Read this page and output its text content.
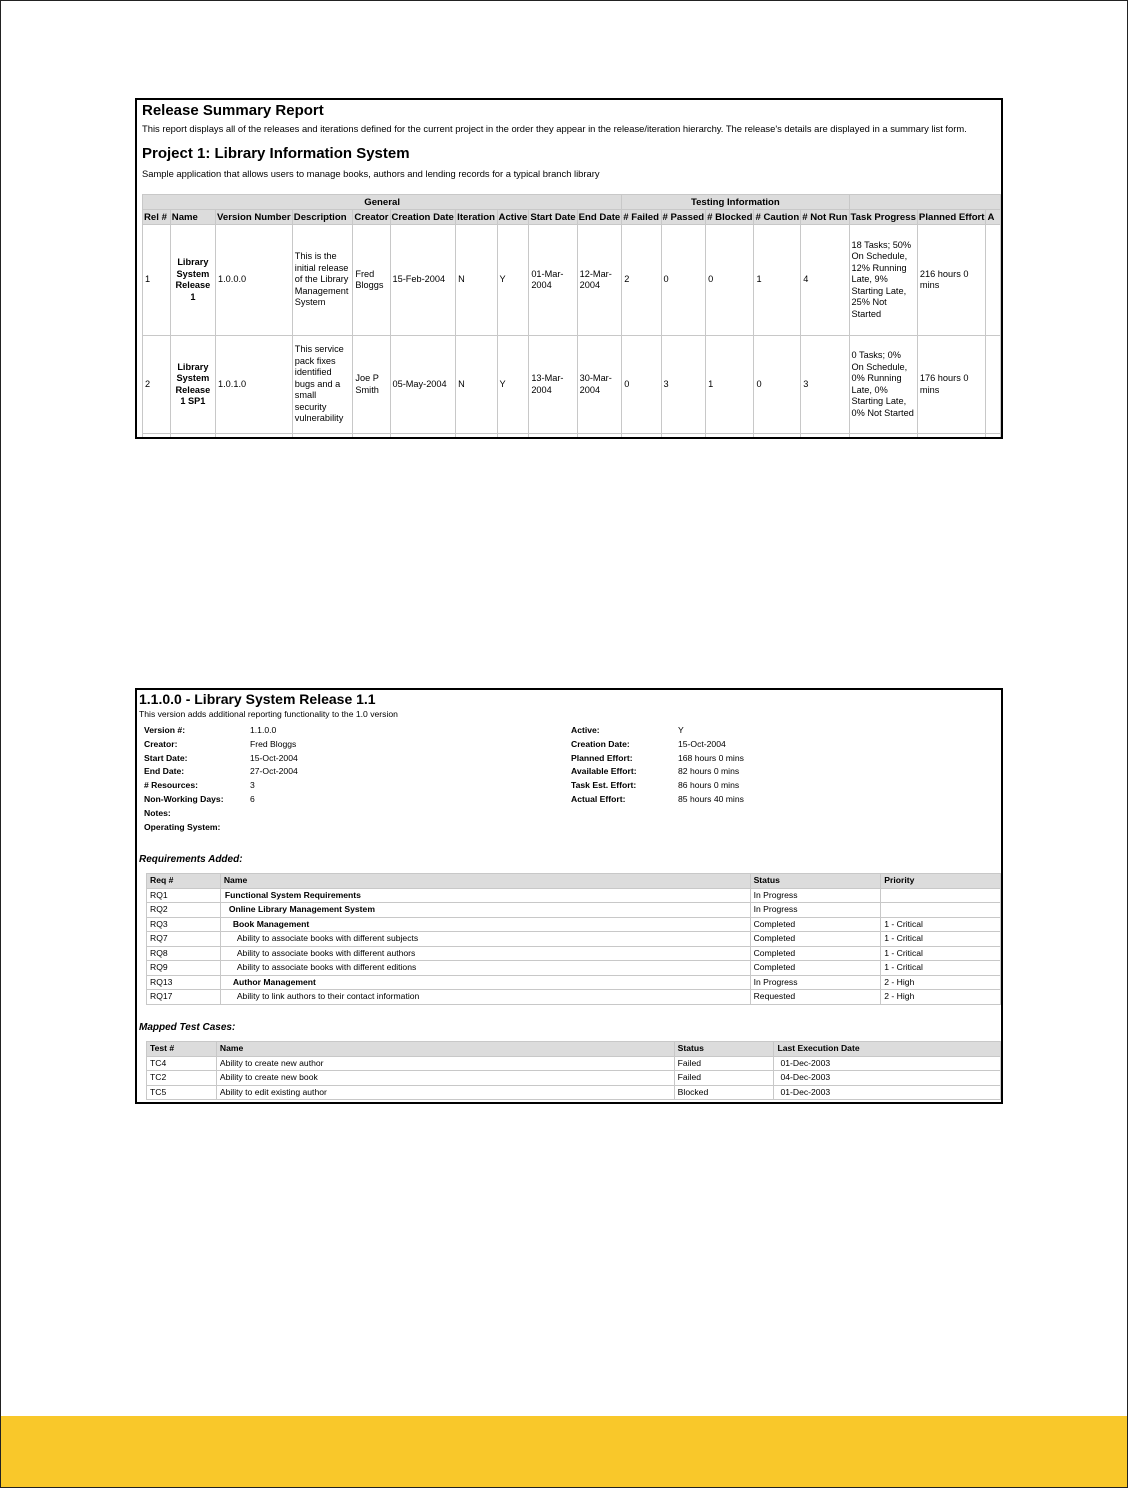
Release Summary Report
This report displays all of the releases and iterations defined for the current project in the order they appear in the release/iteration hierarchy. The release's details are displayed in a summary list form.
Project 1: Library Information System
Sample application that allows users to manage books, authors and lending records for a typical branch library
General										Testing Information							
Rel #	Name	Version Number	Description	Creator	Creation Date	Iteration	Active	Start Date	End Date	# Failed	# Passed	# Blocked	# Caution	# Not Run	Task Progress	Planned Effort	A
1	Library System Release 1	1.0.0.0	This is the initial release of the Library Management System	Fred Bloggs	15-Feb-2004	N	Y	01-Mar-2004	12-Mar-2004	2	0	0	1	4	18 Tasks; 50% On Schedule, 12% Running Late, 9% Starting Late, 25% Not Started	216 hours 0 mins	
2	Library System Release 1 SP1	1.0.1.0	This service pack fixes identified bugs and a small security vulnerability	Joe P Smith	05-May-2004	N	Y	13-Mar-2004	30-Mar-2004	0	3	1	0	3	0 Tasks; 0% On Schedule, 0% Running Late, 0% Starting Late, 0% Not Started	176 hours 0 mins	

1.1.0.0 - Library System Release 1.1
This version adds additional reporting functionality to the 1.0 version
Version #:	1.1.0.0
Creator:	Fred Bloggs
Start Date:	15-Oct-2004
End Date:	27-Oct-2004
# Resources:	3
Non-Working Days:	6
Notes:
Operating System:
Active:	Y
Creation Date:	15-Oct-2004
Planned Effort:	168 hours 0 mins
Available Effort:	82 hours 0 mins
Task Est. Effort:	86 hours 0 mins
Actual Effort:	85 hours 40 mins
Requirements Added:
Req #	Name	Status	Priority
RQ1	Functional System Requirements	In Progress	
RQ2	Online Library Management System	In Progress	
RQ3	Book Management	Completed	1 - Critical
RQ7	Ability to associate books with different subjects	Completed	1 - Critical
RQ8	Ability to associate books with different authors	Completed	1 - Critical
RQ9	Ability to associate books with different editions	Completed	1 - Critical
RQ13	Author Management	In Progress	2 - High
RQ17	Ability to link authors to their contact information	Requested	2 - High
Mapped Test Cases:
Test #	Name	Status	Last Execution Date
TC4	Ability to create new author	Failed	01-Dec-2003
TC2	Ability to create new book	Failed	04-Dec-2003
TC5	Ability to edit existing author	Blocked	01-Dec-2003
